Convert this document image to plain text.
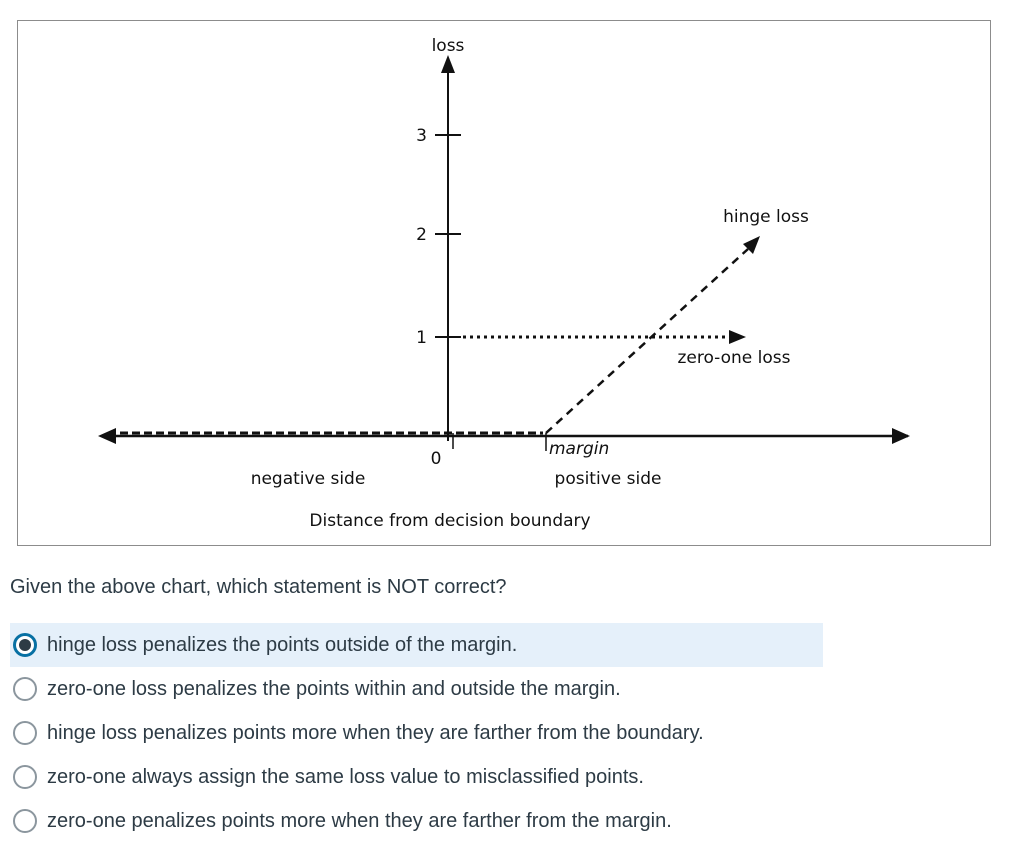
loss
3
2
1
0
hinge loss
zero-one loss
margin
negative side	positive side
Distance from decision boundary
Given the above chart, which statement is NOT correct?
hinge loss penalizes the points outside of the margin.
zero-one loss penalizes the points within and outside the margin.
hinge loss penalizes points more when they are farther from the boundary.
zero-one always assign the same loss value to misclassified points.
zero-one penalizes points more when they are farther from the margin.
